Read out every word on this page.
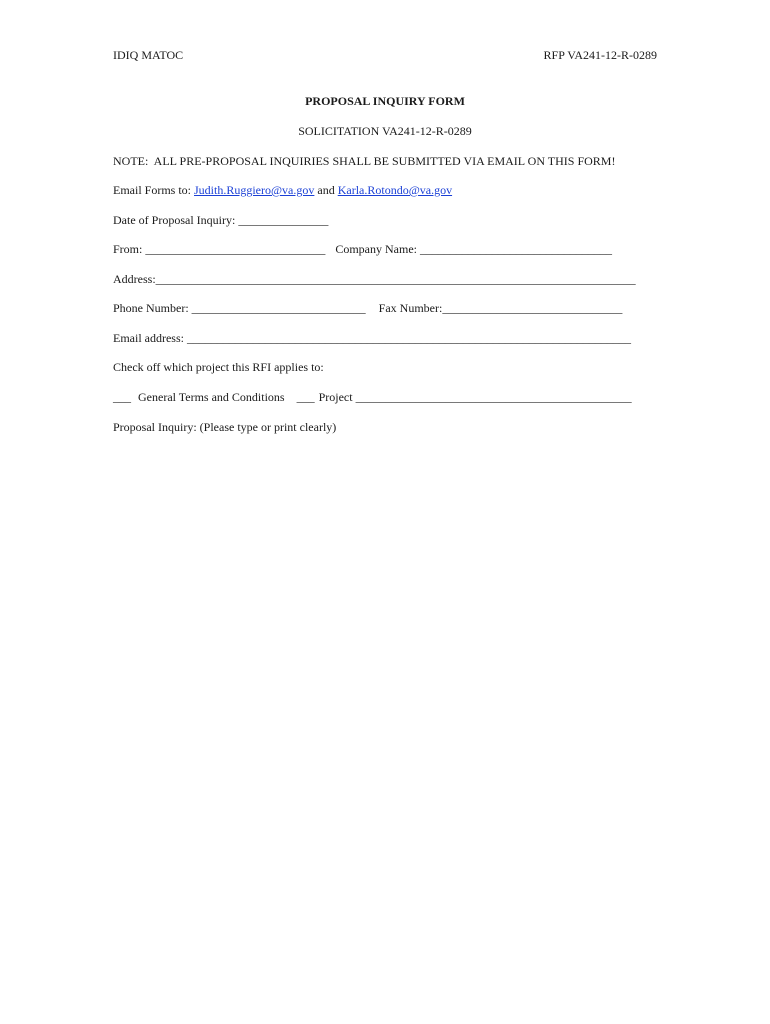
IDIQ MATOC	RFP VA241-12-R-0289
PROPOSAL INQUIRY FORM
SOLICITATION VA241-12-R-0289
NOTE:  ALL PRE-PROPOSAL INQUIRIES SHALL BE SUBMITTED VIA EMAIL ON THIS FORM!
Email Forms to: Judith.Ruggiero@va.gov and Karla.Rotondo@va.gov
Date of Proposal Inquiry: _______________
From: ______________________________ Company Name: ________________________________
Address:________________________________________________________________________________
Phone Number: _____________________________ Fax Number:______________________________
Email address: __________________________________________________________________________
Check off which project this RFI applies to:
___ General Terms and Conditions ___ Project ______________________________________________
Proposal Inquiry: (Please type or print clearly)
